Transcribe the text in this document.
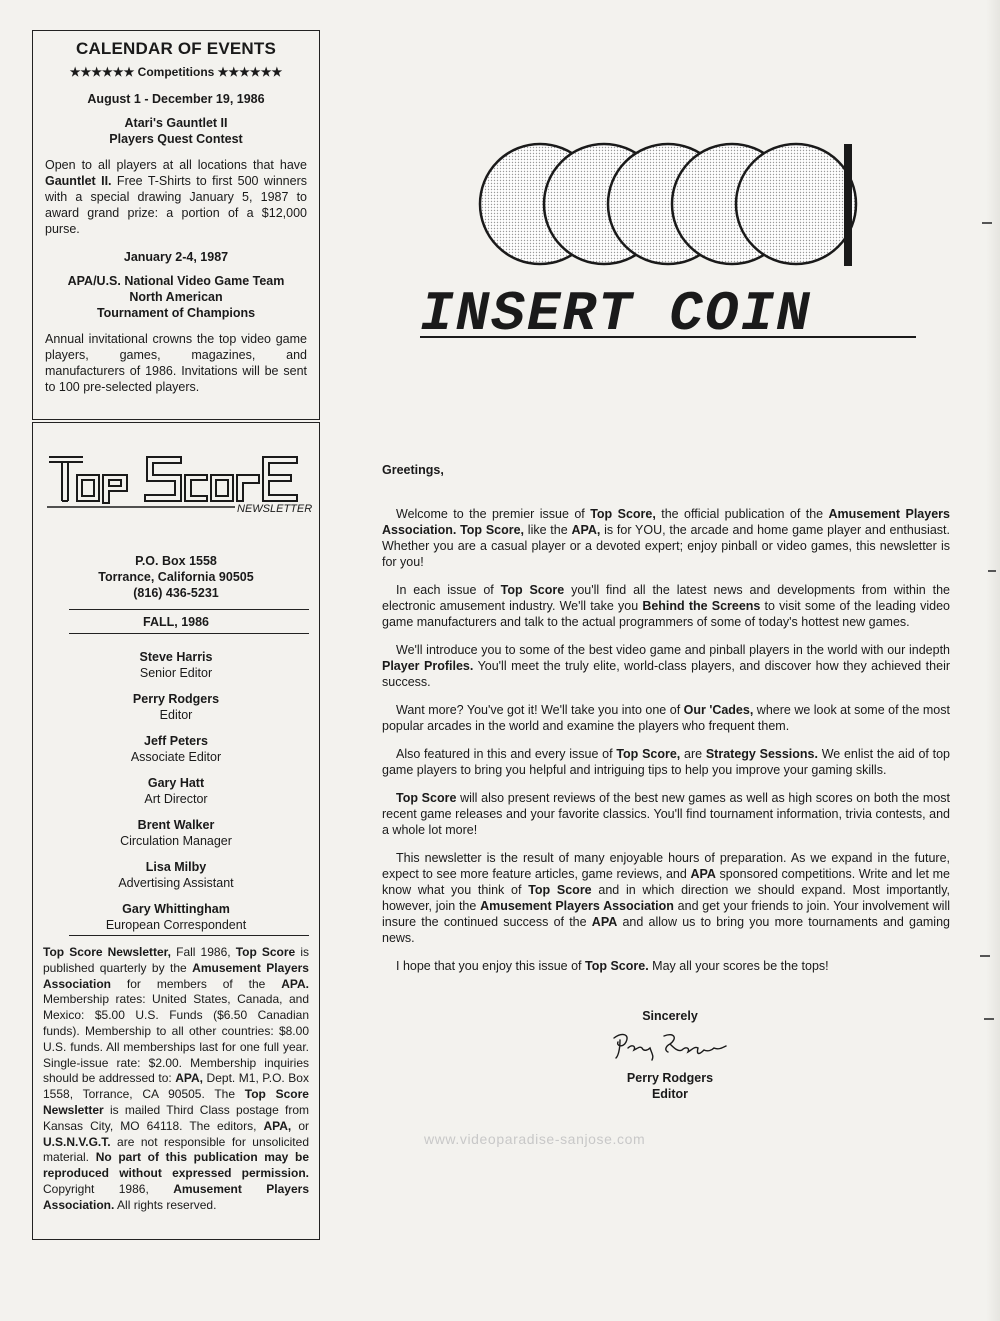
CALENDAR OF EVENTS
★★★★★★ Competitions ★★★★★★
August 1 - December 19, 1986
Atari's Gauntlet II
Players Quest Contest
Open to all players at all locations that have Gauntlet II. Free T-Shirts to first 500 winners with a special drawing January 5, 1987 to award grand prize: a portion of a $12,000 purse.
January 2-4, 1987
APA/U.S. National Video Game Team
North American
Tournament of Champions
Annual invitational crowns the top video game players, games, magazines, and manufacturers of 1986. Invitations will be sent to 100 pre-selected players.
NEWSLETTER
P.O. Box 1558
Torrance, California 90505
(816) 436-5231
FALL, 1986
Steve Harris
Senior Editor
Perry Rodgers
Editor
Jeff Peters
Associate Editor
Gary Hatt
Art Director
Brent Walker
Circulation Manager
Lisa Milby
Advertising Assistant
Gary Whittingham
European Correspondent
Top Score Newsletter, Fall 1986, Top Score is published quarterly by the Amusement Players Association for members of the APA. Membership rates: United States, Canada, and Mexico: $5.00 U.S. Funds ($6.50 Canadian funds). Membership to all other countries: $8.00 U.S. funds. All memberships last for one full year. Single-issue rate: $2.00. Membership inquiries should be addressed to: APA, Dept. M1, P.O. Box 1558, Torrance, CA 90505. The Top Score Newsletter is mailed Third Class postage from Kansas City, MO 64118. The editors, APA, or U.S.N.V.G.T. are not responsible for unsolicited material. No part of this publication may be reproduced without expressed permission. Copyright 1986, Amusement Players Association. All rights reserved.
INSERT COIN

Greetings,

Welcome to the premier issue of Top Score, the official publication of the Amusement Players Association. Top Score, like the APA, is for YOU, the arcade and home game player and enthusiast. Whether you are a casual player or a devoted expert; enjoy pinball or video games, this newsletter is for you!

In each issue of Top Score you'll find all the latest news and developments from within the electronic amusement industry. We'll take you Behind the Screens to visit some of the leading video game manufacturers and talk to the actual programmers of some of today's hottest new games.

We'll introduce you to some of the best video game and pinball players in the world with our indepth Player Profiles. You'll meet the truly elite, world-class players, and discover how they achieved their success.

Want more? You've got it! We'll take you into one of Our 'Cades, where we look at some of the most popular arcades in the world and examine the players who frequent them.

Also featured in this and every issue of Top Score, are Strategy Sessions. We enlist the aid of top game players to bring you helpful and intriguing tips to help you improve your gaming skills.

Top Score will also present reviews of the best new games as well as high scores on both the most recent game releases and your favorite classics. You'll find tournament information, trivia contests, and a whole lot more!

This newsletter is the result of many enjoyable hours of preparation. As we expand in the future, expect to see more feature articles, game reviews, and APA sponsored competitions. Write and let me know what you think of Top Score and in which direction we should expand. Most importantly, however, join the Amusement Players Association and get your friends to join. Your involvement will insure the continued success of the APA and allow us to bring you more tournaments and gaming news.

I hope that you enjoy this issue of Top Score. May all your scores be the tops!

Sincerely
Perry Rodgers
Editor
www.videoparadise-sanjose.com
